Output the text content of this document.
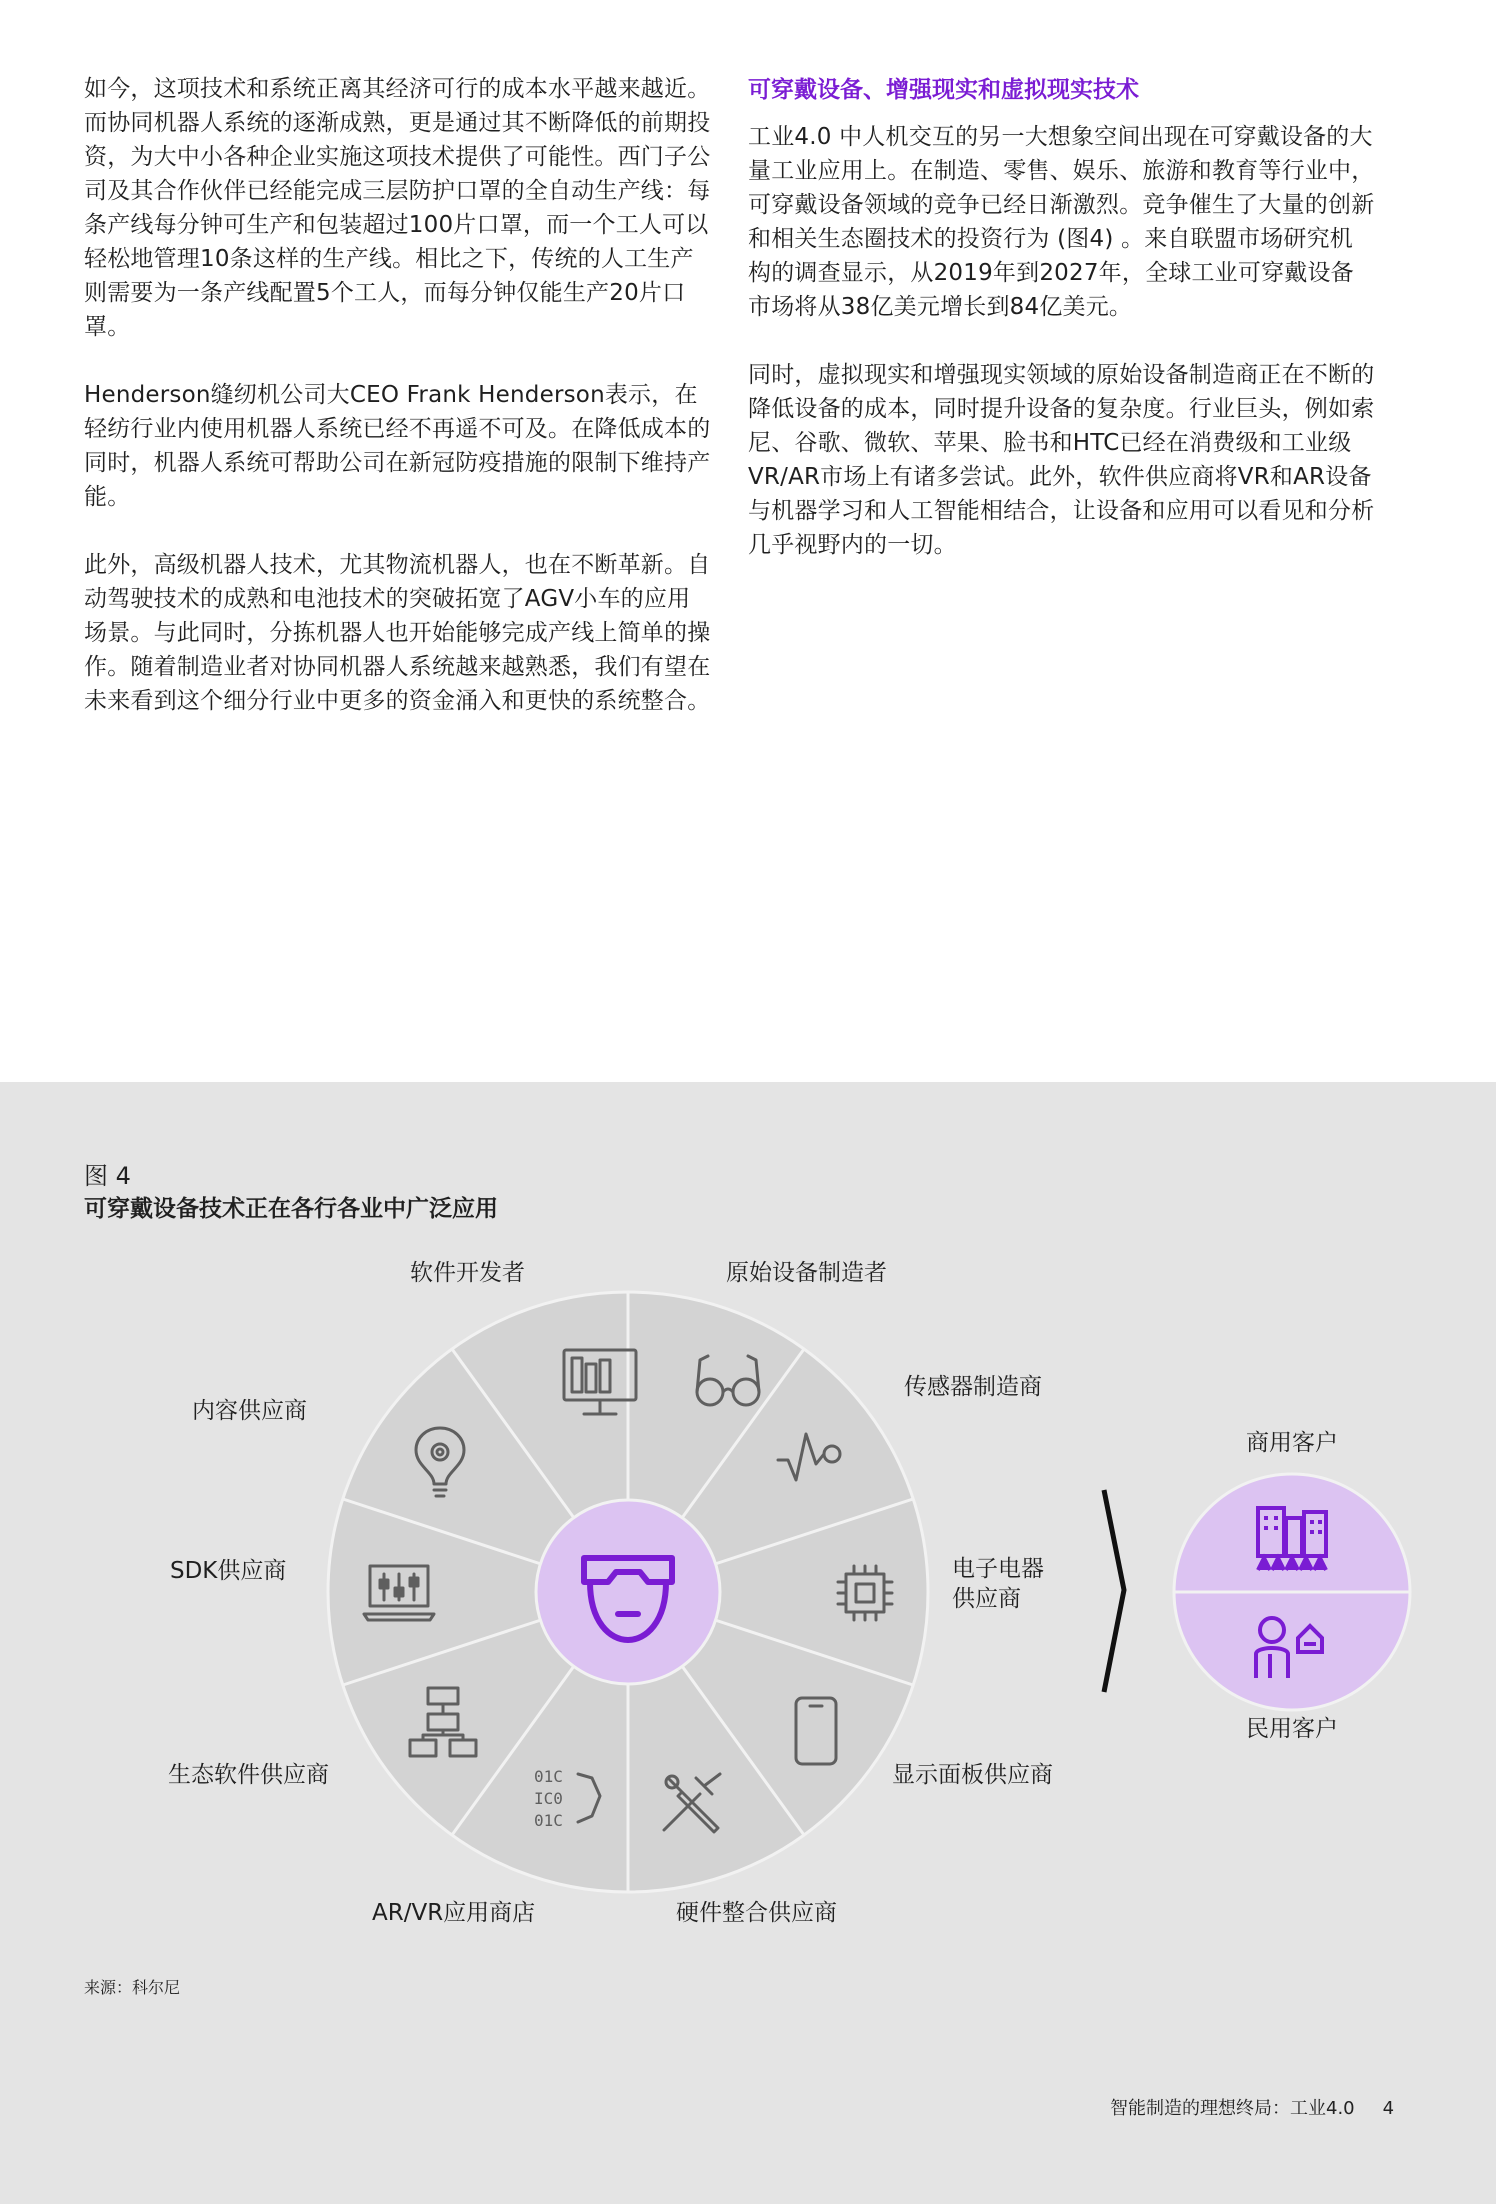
如今，这项技术和系统正离其经济可行的成本水平越来越近。而协同机器人系统的逐渐成熟，更是通过其不断降低的前期投资，为大中小各种企业实施这项技术提供了可能性。西门子公司及其合作伙伴已经能完成三层防护口罩的全自动生产线：每条产线每分钟可生产和包装超过100片口罩，而一个工人可以轻松地管理10条这样的生产线。相比之下，传统的人工生产则需要为一条产线配置5个工人，而每分钟仅能生产20片口罩。

Henderson缝纫机公司大CEO Frank Henderson表示，在轻纺行业内使用机器人系统已经不再遥不可及。在降低成本的同时，机器人系统可帮助公司在新冠防疫措施的限制下维持产能。

此外，高级机器人技术，尤其物流机器人，也在不断革新。自动驾驶技术的成熟和电池技术的突破拓宽了AGV小车的应用场景。与此同时，分拣机器人也开始能够完成产线上简单的操作。随着制造业者对协同机器人系统越来越熟悉，我们有望在未来看到这个细分行业中更多的资金涌入和更快的系统整合。

可穿戴设备、增强现实和虚拟现实技术

工业4.0 中人机交互的另一大想象空间出现在可穿戴设备的大量工业应用上。在制造、零售、娱乐、旅游和教育等行业中，可穿戴设备领域的竞争已经日渐激烈。竞争催生了大量的创新和相关生态圈技术的投资行为 (图4) 。来自联盟市场研究机构的调查显示，从2019年到2027年，全球工业可穿戴设备市场将从38亿美元增长到84亿美元。

同时，虚拟现实和增强现实领域的原始设备制造商正在不断的降低设备的成本，同时提升设备的复杂度。行业巨头，例如索尼、谷歌、微软、苹果、脸书和HTC已经在消费级和工业级VR/AR市场上有诸多尝试。此外，软件供应商将VR和AR设备与机器学习和人工智能相结合，让设备和应用可以看见和分析几乎视野内的一切。

图 4
可穿戴设备技术正在各行各业中广泛应用
01C
IC0
01C
软件开发者	原始设备制造者
传感器制造商
电子电器
供应商
显示面板供应商
硬件整合供应商
AR/VR应用商店
生态软件供应商
SDK供应商
内容供应商
商用客户
民用客户
来源：科尔尼
智能制造的理想终局：工业4.0 4
